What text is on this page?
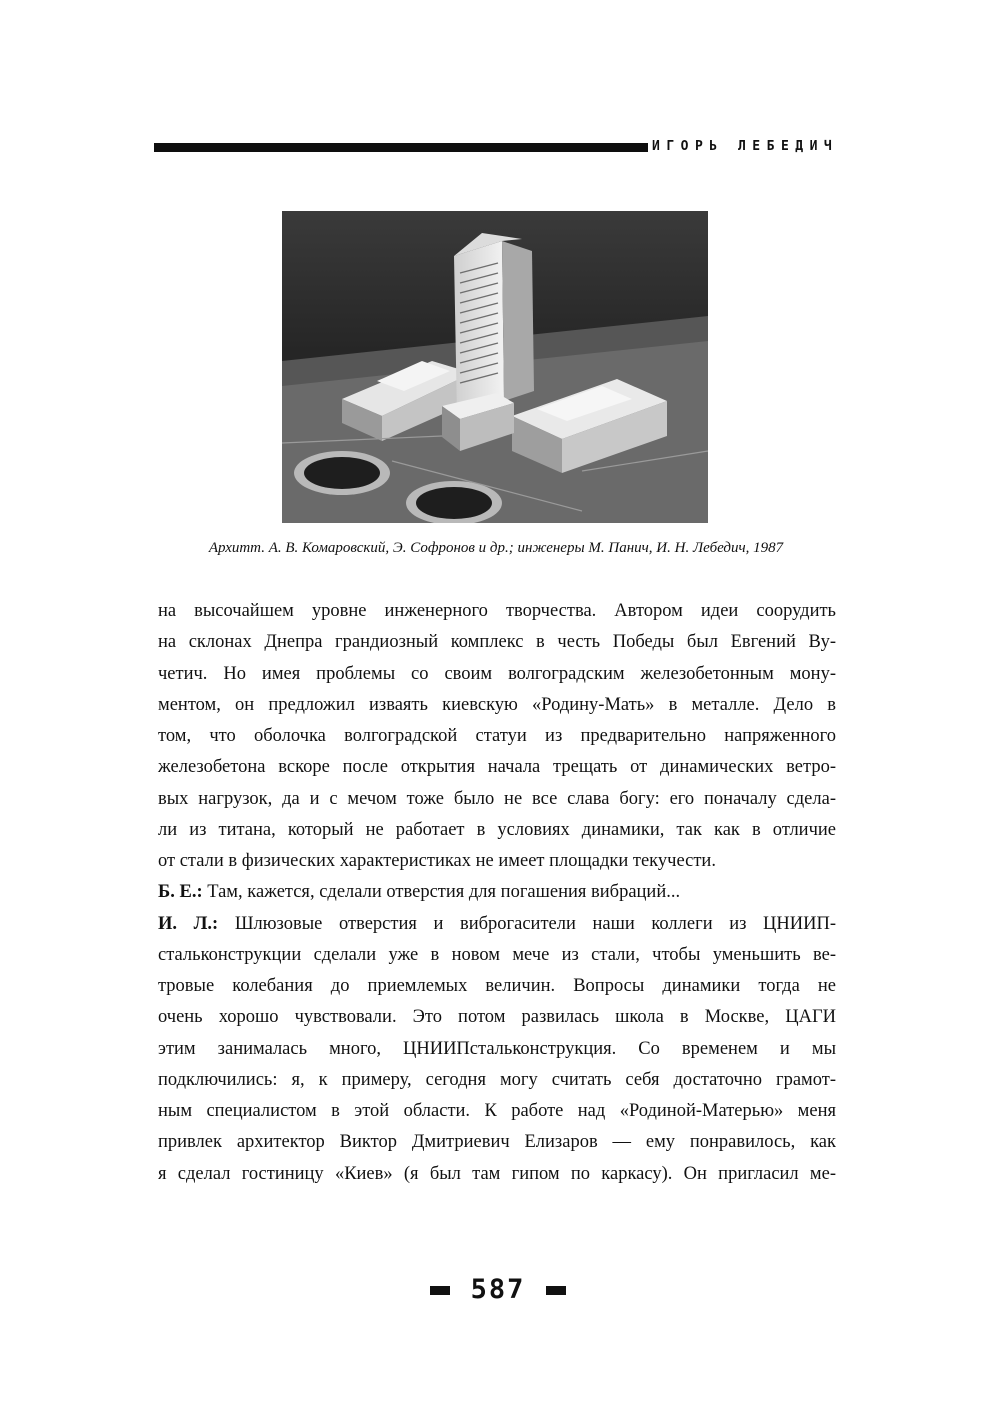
ИГОРЬ ЛЕБЕДИЧ
Архитт. А. В. Комаровский, Э. Софронов и др.; инженеры М. Панич, И. Н. Лебедич, 1987
на высочайшем уровне инженерного творчества. Автором идеи соорудить
на склонах Днепра грандиозный комплекс в честь Победы был Евгений Ву-
четич. Но имея проблемы со своим волгоградским железобетонным мону-
ментом, он предложил изваять киевскую «Родину-Мать» в металле. Дело в
том, что оболочка волгоградской статуи из предварительно напряженного
железобетона вскоре после открытия начала трещать от динамических ветро-
вых нагрузок, да и с мечом тоже было не все слава богу: его поначалу сдела-
ли из титана, который не работает в условиях динамики, так как в отличие
от стали в физических характеристиках не имеет площадки текучести.
Б. Е.: Там, кажется, сделали отверстия для погашения вибраций...
И. Л.: Шлюзовые отверстия и виброгасители наши коллеги из ЦНИИП-
стальконструкции сделали уже в новом мече из стали, чтобы уменьшить ве-
тровые колебания до приемлемых величин. Вопросы динамики тогда не
очень хорошо чувствовали. Это потом развилась школа в Москве, ЦАГИ
этим занималась много, ЦНИИПстальконструкция. Со временем и мы
подключились: я, к примеру, сегодня могу считать себя достаточно грамот-
ным специалистом в этой области. К работе над «Родиной-Матерью» меня
привлек архитектор Виктор Дмитриевич Елизаров — ему понравилось, как
я сделал гостиницу «Киев» (я был там гипом по каркасу). Он пригласил ме-
587
